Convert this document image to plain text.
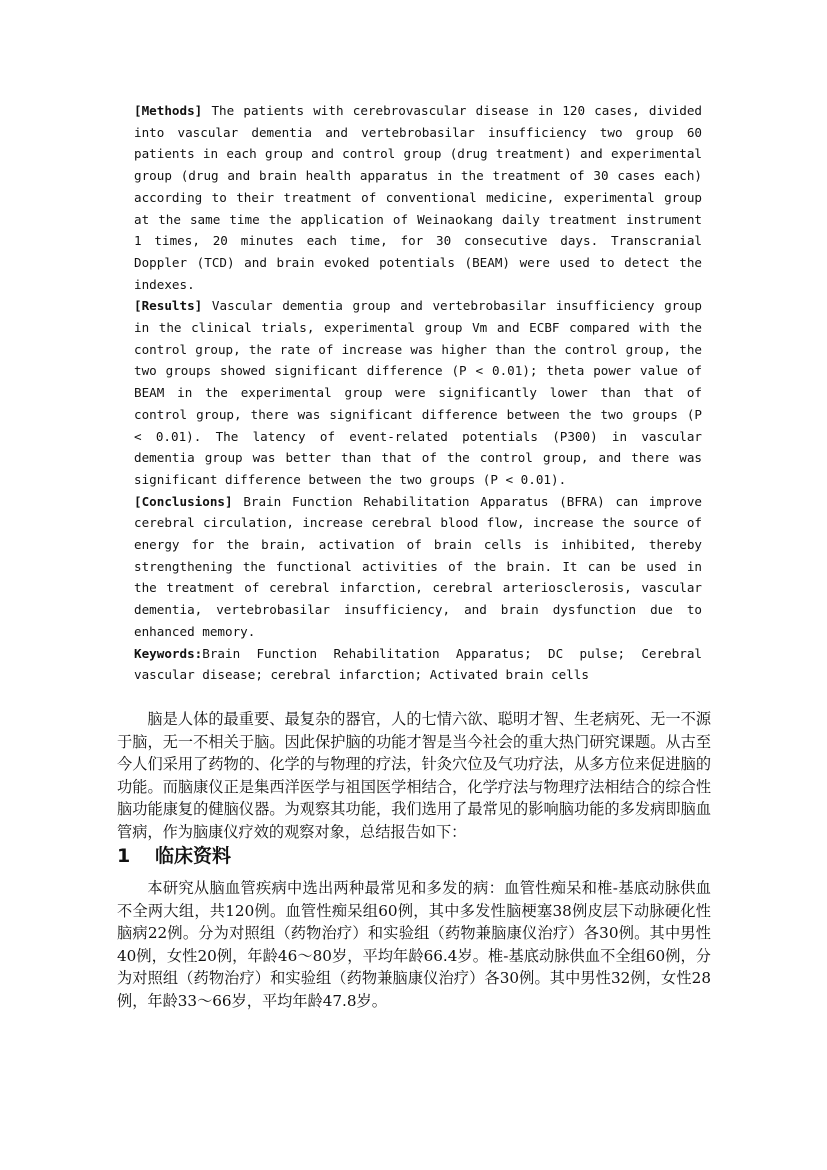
[Methods] The patients with cerebrovascular disease in 120 cases, divided into vascular dementia and vertebrobasilar insufficiency two group 60 patients in each group and control group (drug treatment) and experimental group (drug and brain health apparatus in the treatment of 30 cases each) according to their treatment of conventional medicine, experimental group at the same time the application of Weinaokang daily treatment instrument 1 times, 20 minutes each time, for 30 consecutive days. Transcranial Doppler (TCD) and brain evoked potentials (BEAM) were used to detect the indexes.

[Results] Vascular dementia group and vertebrobasilar insufficiency group in the clinical trials, experimental group Vm and ECBF compared with the control group, the rate of increase was higher than the control group, the two groups showed significant difference (P < 0.01); theta power value of BEAM in the experimental group were significantly lower than that of control group, there was significant difference between the two groups (P < 0.01). The latency of event-related potentials (P300) in vascular dementia group was better than that of the control group, and there was significant difference between the two groups (P < 0.01).

[Conclusions] Brain Function Rehabilitation Apparatus (BFRA) can improve cerebral circulation, increase cerebral blood flow, increase the source of energy for the brain, activation of brain cells is inhibited, thereby strengthening the functional activities of the brain. It can be used in the treatment of cerebral infarction, cerebral arteriosclerosis, vascular dementia, vertebrobasilar insufficiency, and brain dysfunction due to enhanced memory.

Keywords:Brain Function Rehabilitation Apparatus; DC pulse; Cerebral vascular disease; cerebral infarction; Activated brain cells

脑是人体的最重要、最复杂的器官，人的七情六欲、聪明才智、生老病死、无一不源于脑，无一不相关于脑。因此保护脑的功能才智是当今社会的重大热门研究课题。从古至今人们采用了药物的、化学的与物理的疗法，针灸穴位及气功疗法，从多方位来促进脑的功能。而脑康仪正是集西洋医学与祖国医学相结合，化学疗法与物理疗法相结合的综合性脑功能康复的健脑仪器。为观察其功能，我们选用了最常见的影响脑功能的多发病即脑血管病，作为脑康仪疗效的观察对象，总结报告如下：

1 临床资料

本研究从脑血管疾病中选出两种最常见和多发的病：血管性痴呆和椎-基底动脉供血不全两大组，共120例。血管性痴呆组60例，其中多发性脑梗塞38例皮层下动脉硬化性脑病22例。分为对照组（药物治疗）和实验组（药物兼脑康仪治疗）各30例。其中男性40例，女性20例，年龄46～80岁，平均年龄66.4岁。椎-基底动脉供血不全组60例，分为对照组（药物治疗）和实验组（药物兼脑康仪治疗）各30例。其中男性32例，女性28例，年龄33～66岁，平均年龄47.8岁。
